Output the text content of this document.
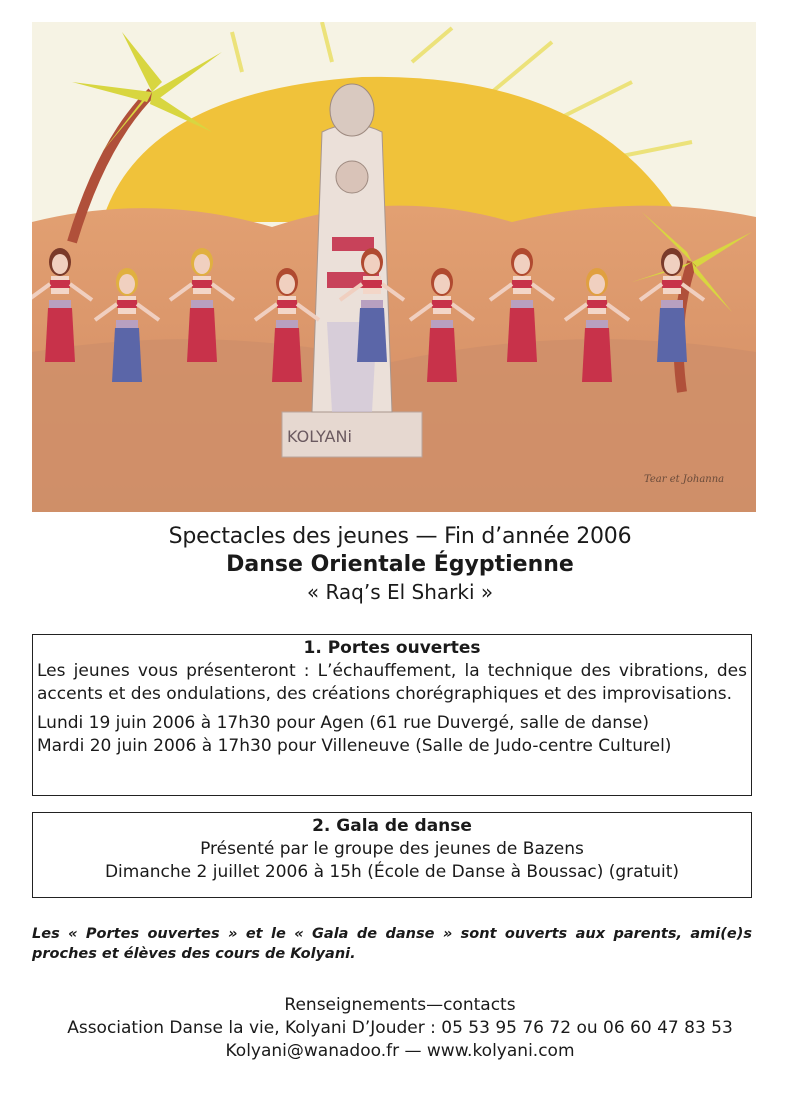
KOLYANi
Tear et Johanna
Spectacles des jeunes — Fin d’année 2006
Danse Orientale Égyptienne
« Raq’s El Sharki »
1. Portes ouvertes

Les jeunes vous présenteront : L’échauffement, la technique des vibrations, des accents et des ondulations, des créations chorégraphiques et des improvisations.

Lundi 19 juin 2006 à 17h30 pour Agen (61 rue Duvergé, salle de danse)

Mardi 20 juin 2006 à 17h30 pour Villeneuve (Salle de Judo-centre Culturel)

2. Gala de danse

Présenté par le groupe des jeunes de Bazens

Dimanche 2 juillet 2006 à 15h (École de Danse à Boussac) (gratuit)

Les « Portes ouvertes » et le « Gala de danse » sont ouverts aux parents, ami(e)s proches et élèves des cours de Kolyani.
Renseignements—contacts
Association Danse la vie, Kolyani D’Jouder : 05 53 95 76 72 ou 06 60 47 83 53
Kolyani@wanadoo.fr — www.kolyani.com
